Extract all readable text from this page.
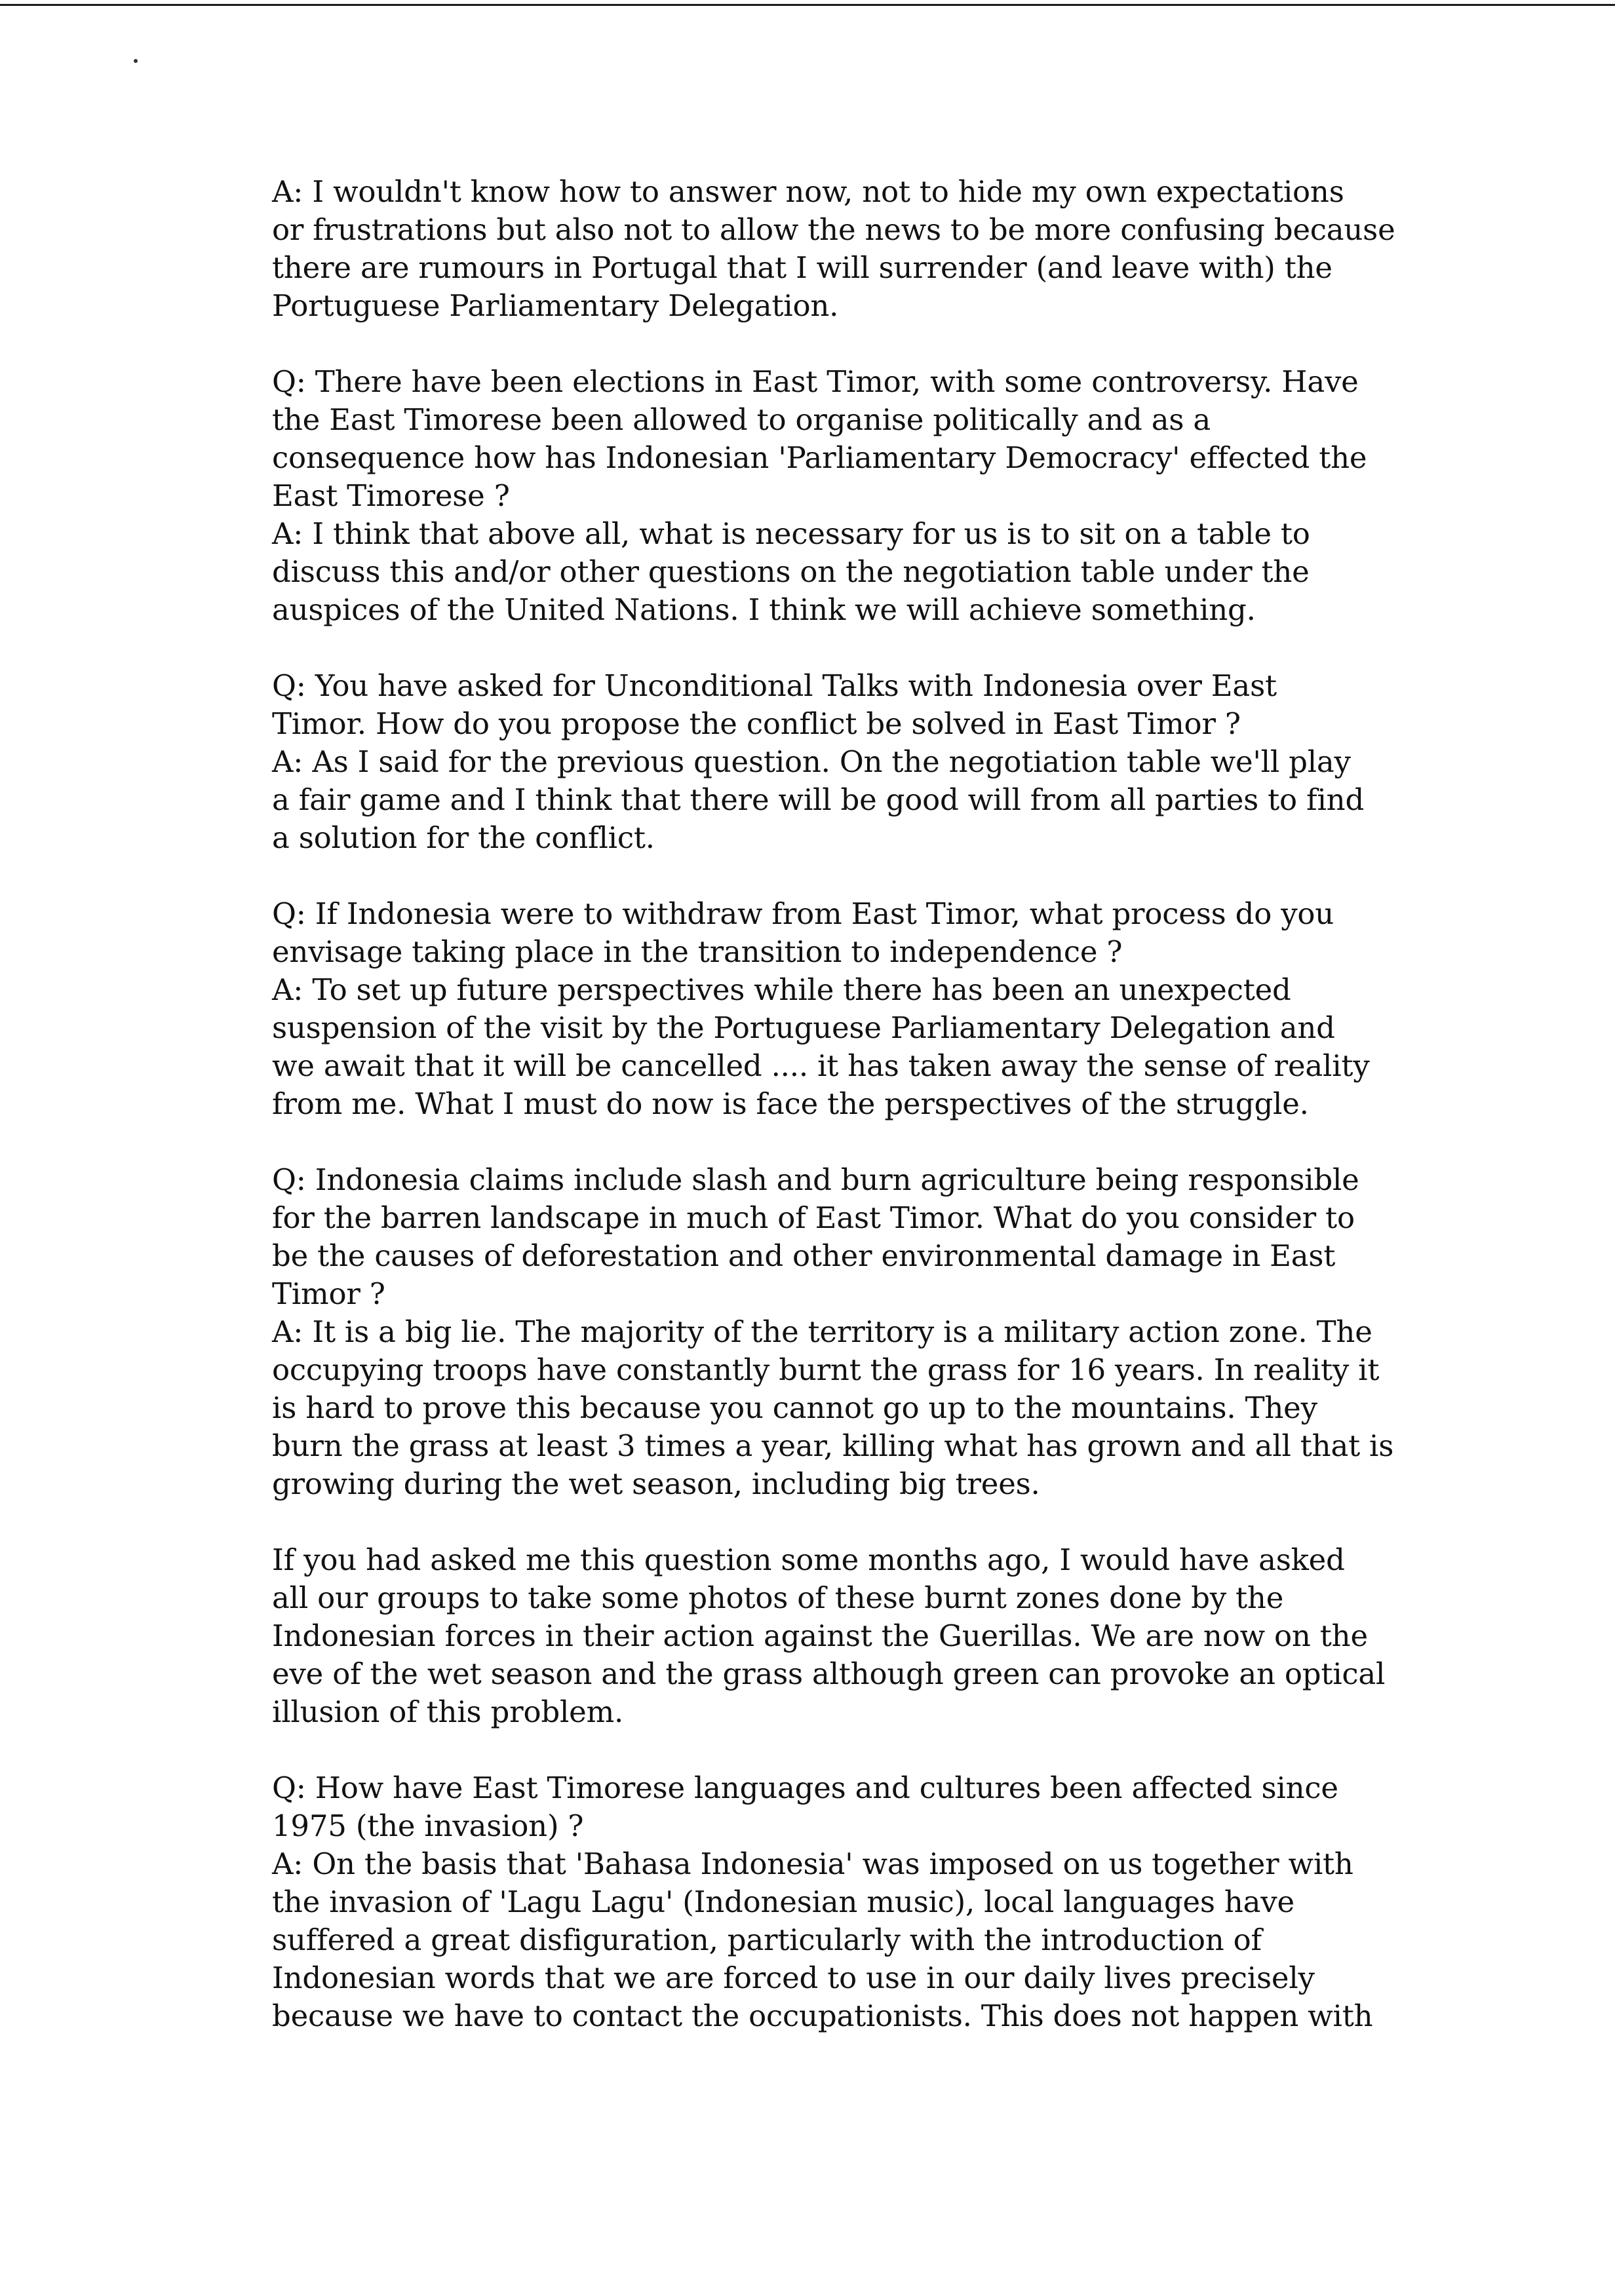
A: I wouldn't know how to answer now, not to hide my own expectations
or frustrations but also not to allow the news to be more confusing because
there are rumours in Portugal that I will surrender (and leave with) the
Portuguese Parliamentary Delegation.
Q: There have been elections in East Timor, with some controversy. Have
the East Timorese been allowed to organise politically and as a
consequence how has Indonesian 'Parliamentary Democracy' effected the
East Timorese ?
A: I think that above all, what is necessary for us is to sit on a table to
discuss this and/or other questions on the negotiation table under the
auspices of the United Nations. I think we will achieve something.
Q: You have asked for Unconditional Talks with Indonesia over East
Timor. How do you propose the conflict be solved in East Timor ?
A: As I said for the previous question. On the negotiation table we'll play
a fair game and I think that there will be good will from all parties to find
a solution for the conflict.
Q: If Indonesia were to withdraw from East Timor, what process do you
envisage taking place in the transition to independence ?
A: To set up future perspectives while there has been an unexpected
suspension of the visit by the Portuguese Parliamentary Delegation and
we await that it will be cancelled .... it has taken away the sense of reality
from me. What I must do now is face the perspectives of the struggle.
Q: Indonesia claims include slash and burn agriculture being responsible
for the barren landscape in much of East Timor. What do you consider to
be the causes of deforestation and other environmental damage in East
Timor ?
A: It is a big lie. The majority of the territory is a military action zone. The
occupying troops have constantly burnt the grass for 16 years. In reality it
is hard to prove this because you cannot go up to the mountains. They
burn the grass at least 3 times a year, killing what has grown and all that is
growing during the wet season, including big trees.
If you had asked me this question some months ago, I would have asked
all our groups to take some photos of these burnt zones done by the
Indonesian forces in their action against the Guerillas. We are now on the
eve of the wet season and the grass although green can provoke an optical
illusion of this problem.
Q: How have East Timorese languages and cultures been affected since
1975 (the invasion) ?
A: On the basis that 'Bahasa Indonesia' was imposed on us together with
the invasion of 'Lagu Lagu' (Indonesian music), local languages have
suffered a great disfiguration, particularly with the introduction of
Indonesian words that we are forced to use in our daily lives precisely
because we have to contact the occupationists. This does not happen with
